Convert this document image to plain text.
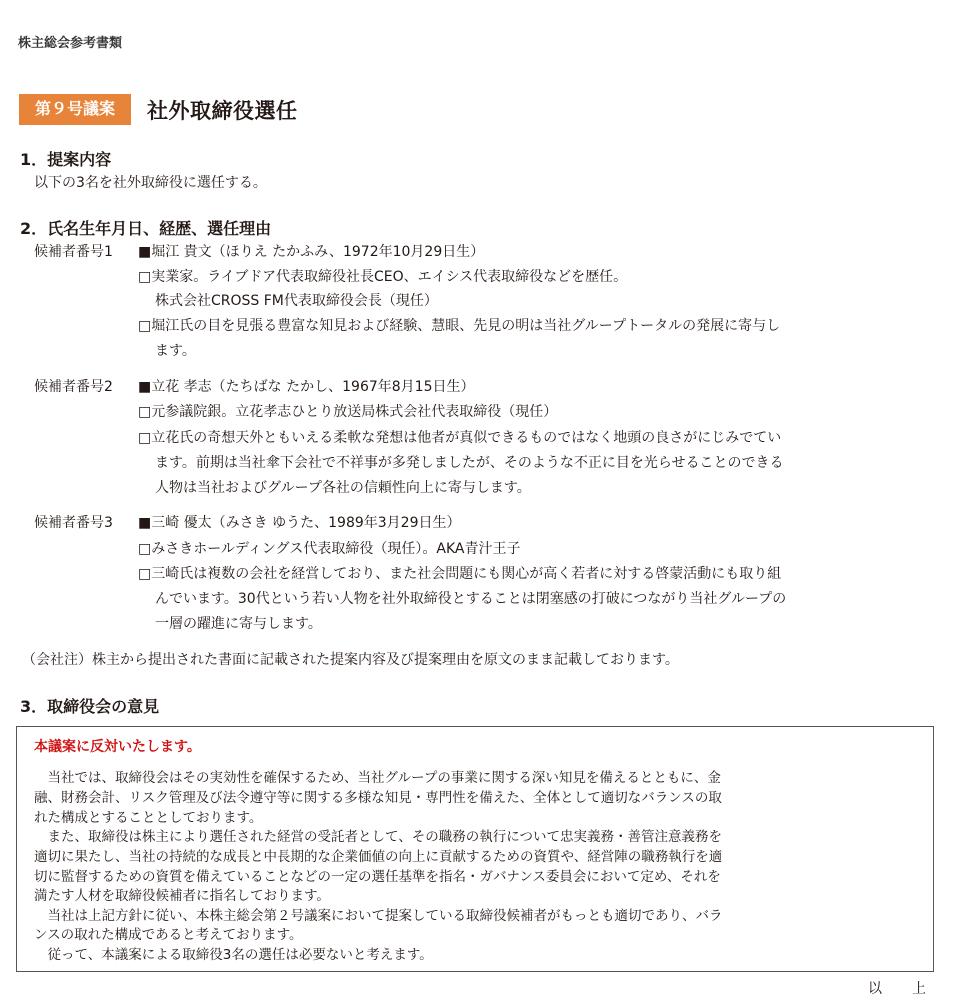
株主総会参考書類
第９号議案	社外取締役選任
1．提案内容
以下の3名を社外取締役に選任する。
2．氏名生年月日、経歴、選任理由
候補者番号1 ■堀江 貴文（ほりえ たかふみ、1972年10月29日生）
□実業家。ライブドア代表取締役社長CEO、エイシス代表取締役などを歴任。
株式会社CROSS FM代表取締役会長（現任）
□堀江氏の目を見張る豊富な知見および経験、慧眼、先見の明は当社グループトータルの発展に寄与し
ます。
候補者番号2 ■立花 孝志（たちばな たかし、1967年8月15日生）
□元参議院銀。立花孝志ひとり放送局株式会社代表取締役（現任）
□立花氏の奇想天外ともいえる柔軟な発想は他者が真似できるものではなく地頭の良さがにじみでてい
ます。前期は当社傘下会社で不祥事が多発しましたが、そのような不正に目を光らせることのできる
人物は当社およびグループ各社の信頼性向上に寄与します。
候補者番号3 ■三崎 優太（みさき ゆうた、1989年3月29日生）
□みさきホールディングス代表取締役（現任）。AKA青汁王子
□三崎氏は複数の会社を経営しており、また社会問題にも関心が高く若者に対する啓蒙活動にも取り組
んでいます。30代という若い人物を社外取締役とすることは閉塞感の打破につながり当社グループの
一層の躍進に寄与します。
（会社注）株主から提出された書面に記載された提案内容及び提案理由を原文のまま記載しております。
3．取締役会の意見
本議案に反対いたします。
　当社では、取締役会はその実効性を確保するため、当社グループの事業に関する深い知見を備えるとともに、金
融、財務会計、リスク管理及び法令遵守等に関する多様な知見・専門性を備えた、全体として適切なバランスの取
れた構成とすることとしております。
　また、取締役は株主により選任された経営の受託者として、その職務の執行について忠実義務・善管注意義務を
適切に果たし、当社の持続的な成長と中長期的な企業価値の向上に貢献するための資質や、経営陣の職務執行を適
切に監督するための資質を備えていることなどの一定の選任基準を指名・ガバナンス委員会において定め、それを
満たす人材を取締役候補者に指名しております。
　当社は上記方針に従い、本株主総会第２号議案において提案している取締役候補者がもっとも適切であり、バラ
ンスの取れた構成であると考えております。
　従って、本議案による取締役3名の選任は必要ないと考えます。
以　上
